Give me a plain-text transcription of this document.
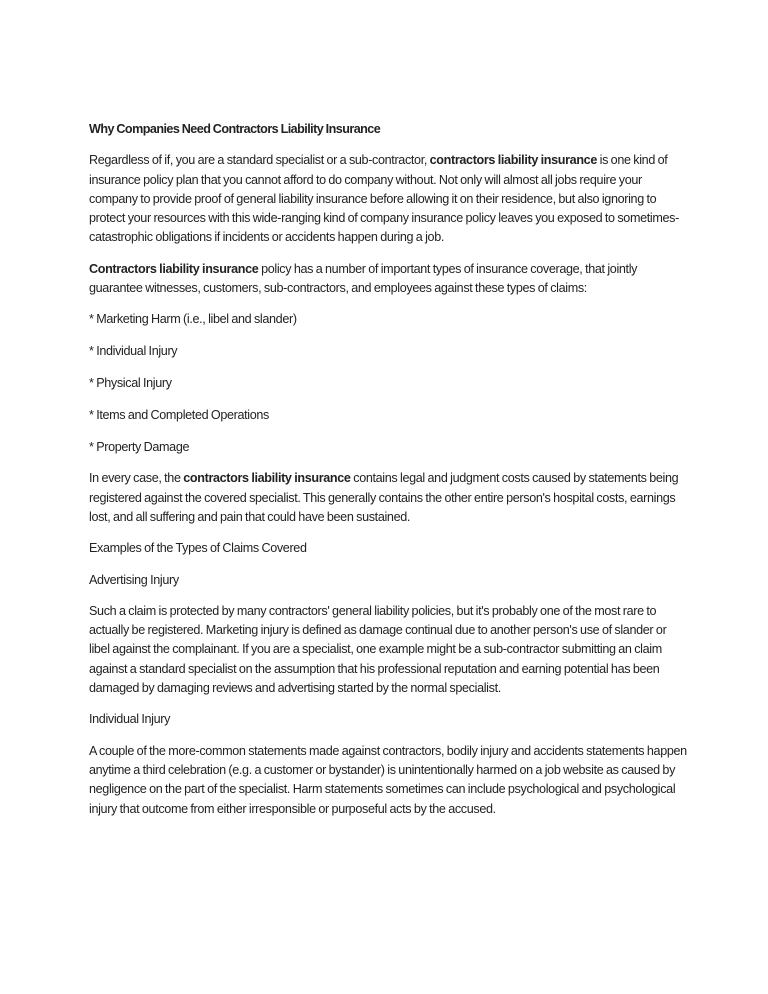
Why Companies Need Contractors Liability Insurance

Regardless of if, you are a standard specialist or a sub-contractor, contractors liability insurance is one kind of insurance policy plan that you cannot afford to do company without. Not only will almost all jobs require your company to provide proof of general liability insurance before allowing it on their residence, but also ignoring to protect your resources with this wide-ranging kind of company insurance policy leaves you exposed to sometimes-catastrophic obligations if incidents or accidents happen during a job.

Contractors liability insurance policy has a number of important types of insurance coverage, that jointly guarantee witnesses, customers, sub-contractors, and employees against these types of claims:

* Marketing Harm (i.e., libel and slander)
* Individual Injury
* Physical Injury
* Items and Completed Operations
* Property Damage

In every case, the contractors liability insurance contains legal and judgment costs caused by statements being registered against the covered specialist. This generally contains the other entire person's hospital costs, earnings lost, and all suffering and pain that could have been sustained.

Examples of the Types of Claims Covered
Advertising Injury

Such a claim is protected by many contractors' general liability policies, but it's probably one of the most rare to actually be registered. Marketing injury is defined as damage continual due to another person's use of slander or libel against the complainant. If you are a specialist, one example might be a sub-contractor submitting an claim against a standard specialist on the assumption that his professional reputation and earning potential has been damaged by damaging reviews and advertising started by the normal specialist.

Individual Injury

A couple of the more-common statements made against contractors, bodily injury and accidents statements happen anytime a third celebration (e.g. a customer or bystander) is unintentionally harmed on a job website as caused by negligence on the part of the specialist. Harm statements sometimes can include psychological and psychological injury that outcome from either irresponsible or purposeful acts by the accused.
